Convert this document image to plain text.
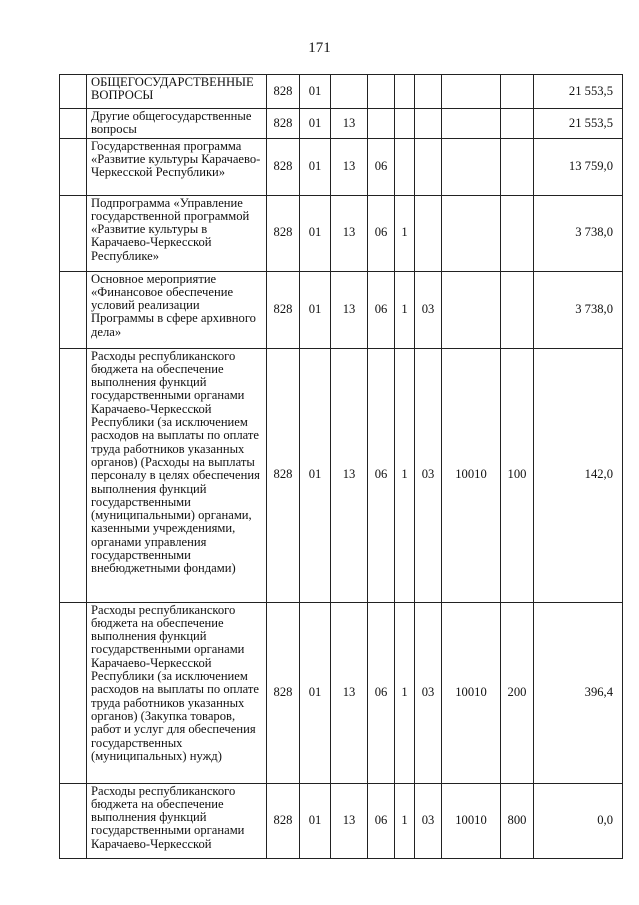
171
	ОБЩЕГОСУДАРСТВЕННЫЕ ВОПРОСЫ	828	01							21 553,5
	Другие общегосударственные вопросы	828	01	13						21 553,5
	Государственная программа «Развитие культуры Карачаево-Черкесской Республики»	828	01	13	06					13 759,0
	Подпрограмма «Управление государственной программой «Развитие культуры в Карачаево-Черкесской Республике»	828	01	13	06	1				3 738,0
	Основное мероприятие «Финансовое обеспечение условий реализации Программы в сфере архивного дела»	828	01	13	06	1	03			3 738,0
	Расходы республиканского бюджета на обеспечение выполнения функций государственными органами Карачаево-Черкесской Республики (за исключением расходов на выплаты по оплате труда работников указанных органов) (Расходы на выплаты персоналу в целях обеспечения выполнения функций государственными (муниципальными) органами, казенными учреждениями, органами управления государственными внебюджетными фондами)	828	01	13	06	1	03	10010	100	142,0
	Расходы республиканского бюджета на обеспечение выполнения функций государственными органами Карачаево-Черкесской Республики (за исключением расходов на выплаты по оплате труда работников указанных органов) (Закупка товаров, работ и услуг для обеспечения государственных (муниципальных) нужд)	828	01	13	06	1	03	10010	200	396,4
	Расходы республиканского бюджета на обеспечение выполнения функций государственными органами Карачаево-Черкесской	828	01	13	06	1	03	10010	800	0,0
